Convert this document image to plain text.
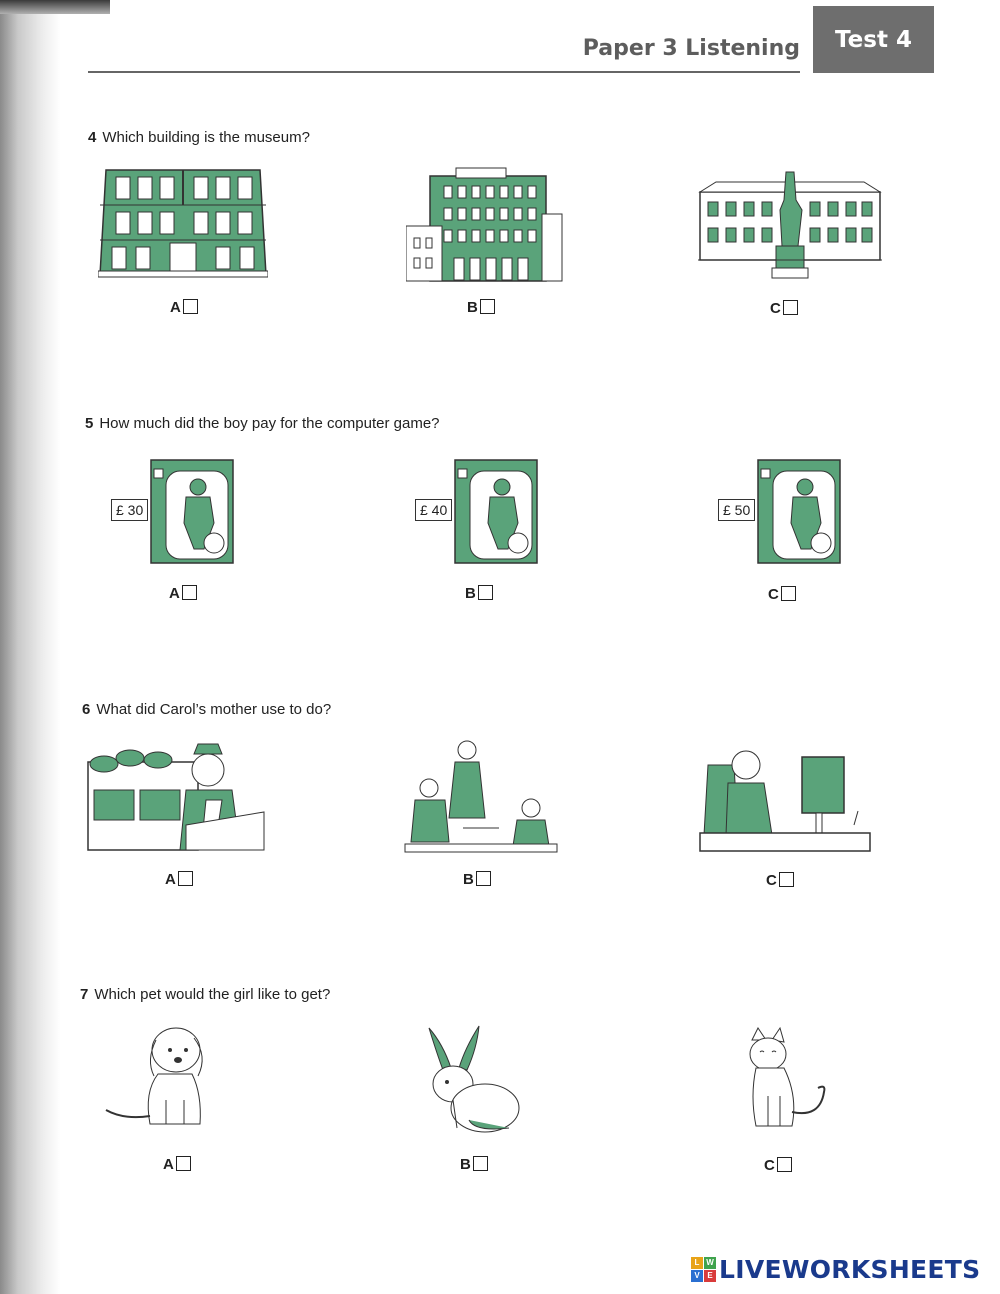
Paper 3 Listening	Test 4
4 Which building is the museum?
A	B	C
5 How much did the boy pay for the computer game?
£ 30
A
£ 40
B
£ 50
C
6 What did Carol’s mother use to do?
A	B	C
7 Which pet would the girl like to get?
A	B	C
L W
V E LIVEWORKSHEETS
